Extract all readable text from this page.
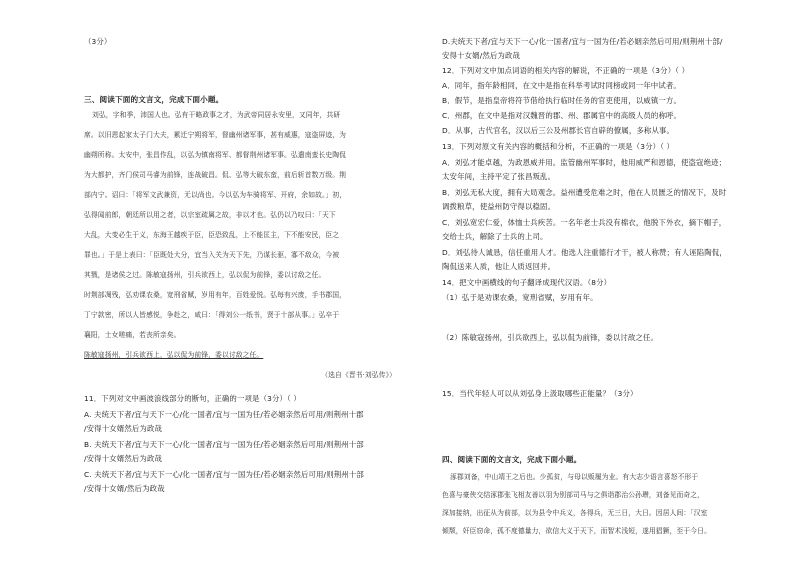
（3分）
三、阅读下面的文言文，完成下面小题。
刘弘，字和季，沛国人也。弘有干略政事之才，为武帝同居永安里，又同年，共研
席。以旧恩起家太子门大夫，累迁宁朔将军，督幽州诸军事，甚有威惠，寇盗屏迹，为
幽朔所称。太安中，张昌作乱，以弘为镇南将军、都督荆州诸军事。弘遣南蛮长史陶侃
为大都护，齐门侯司马睿为前锋，连战破昌。侃、弘等大破东蛮，前后斩首数万级。荆
部内宁。诏曰：「将军文武兼资，无以尚也。今以弘为车骑将军、开府，余如故。」初，
弘得闻前郎，朝廷所以用之者，以宗室疏属之故，非以才也。弘仍以乃叹曰：「天下
大乱，大变必生于义，东海王越疾于臣，臣恐致乱，上不能匡主，下不能安民，臣之
罪也。」于是上表曰：「臣既处大分，宜当入关为天下先，乃谋长驱，寡不敌众，今被
其戮，是诸侯之过。陈敏寇扬州，引兵欲西上，弘以侃为前锋，委以讨敌之任。
时荆部凋残，弘劝课农桑，宽刑省赋，岁用有年，百姓爱悦。弘每有兴废，手书郡国，
丁宁款密，所以人皆感悦，争赴之，咸曰：「得刘公一纸书，贤于十部从事。」弘卒于
襄阳，士女嗟痛，若丧所亲矣。
陈敏寇扬州，引兵欲西上，弘以侃为前锋，委以讨敌之任。
（选自《晋书·刘弘传》）
11．下列对文中画波浪线部分的断句，正确的一项是（3分）（ ）
A. 夫统天下者/宜与天下一心/化一国者/宜与一国为任/若必姻亲然后可用/则荆州十郡
/安得十女婿然后为政哉
B. 夫统天下者/宜与天下一心/化一国者/宜与一国为任/若必姻亲然后可用/则荆州十部
/安得十女婿然后为政哉
C. 夫统天下者/宜与天下一心/化一国者/宜与一国为任/若必姻亲然后可用/则荆州十部
/安得十女婿/然后为政哉
D.夫统天下者/宜与天下一心/化一国者/宜与一国为任/若必姻亲然后可用/则荆州十部/
安得十女婿/然后为政哉
12．下列对文中加点词语的相关内容的解说，不正确的一项是（3分）（ ）
A．同年，指年龄相同，在文中是指在科举考试时同榜或同一年中试者。
B．假节，是指皇帝将符节借给执行临时任务的官吏使用，以威镇一方。
C．州郡，在文中是指对汉魏晋的郡、州、郡属官中的高级人员的称呼。
D．从事，古代官名，汉以后三公及州郡长官自辟的僚属，多称从事。
13．下列对原文有关内容的概括和分析，不正确的一项是（3分）（ ）
A．刘弘才能卓越，为政恩威并用。监管幽州军事时，他用威严和恩德，使盗寇绝迹；
太安年间，主持平定了张昌叛乱。
B．刘弘无私大度，拥有大局观念。益州遭受危难之时，他在人员匮乏的情况下，及时
调拨粮草，使益州防守得以稳固。
C．刘弘宽宏仁爱，体恤士兵疾苦。一名年老士兵没有棉衣，他脱下外衣，摘下帽子，
交给士兵，解除了士兵的上司。
D．刘弘待人诚恳，信任重用人才。他选人注重德行才干，被人称赞；有人诬陷陶侃，
陶侃送来人质，他让人质返回并。
14．把文中画横线的句子翻译成现代汉语。（8分）
（1）弘于是劝课农桑，宽刑省赋，岁用有年。
（2）陈敏寇扬州，引兵欲西上，弘以侃为前锋，委以讨敌之任。
15．当代年轻人可以从刘弘身上汲取哪些正能量？（3分）
四、阅读下面的文言文，完成下面小题。
涿郡刘备，中山靖王之后也。少孤贫，与母以贩履为业。有大志少语言喜怒不形于
色喜与豪侠交结涿郡张飞相友善以羽为别部司马与之俱诣郡治公孙瓒，刘备见而奇之，
深加接纳，出征从为前部，以为县令中兵义，各得兵，无三日，大日。因居人间：「汉室
倾颓，奸臣窃命，孤不度德量力，欲信大义于天下，而智术浅短，遂用猖獗，至于今日。
